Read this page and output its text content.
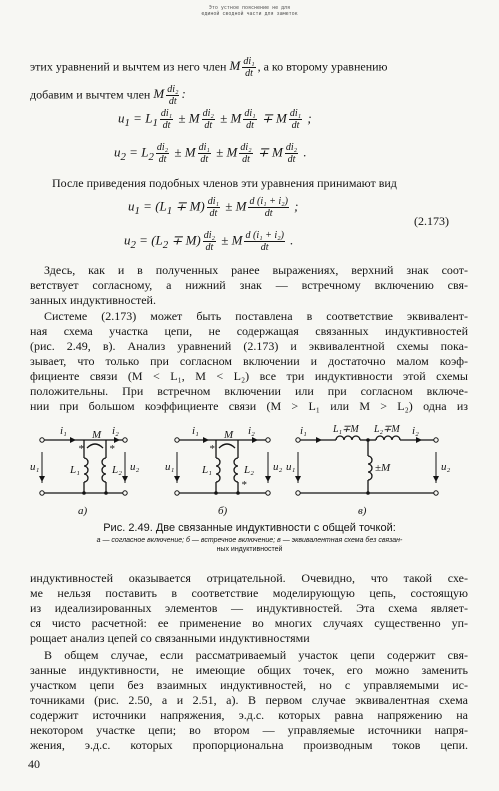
Это устное пояснение не для
единой сводной части для заметок
этих уравнений и вычтем из него член M $\frac{\text{di₁}}{dt}$ , а ко второму уравнению
добавим и вычтем член M $\frac{\text{di₂}}{dt}$ :
$u_1 = L_1 \frac{\text{di₁}}{dt} \pm M \frac{\text{di₂}}{dt} \pm M \frac{\text{di₁}}{dt} \mp M \frac{\text{di₁}}{dt}$ ;
$u_2 = L_2 \frac{\text{di₂}}{dt} \pm M \frac{\text{di₁}}{dt} \pm M \frac{\text{di₂}}{dt} \mp M \frac{\text{di₂}}{dt}$ .
После приведения подобных членов эти уравнения принимают вид
$u_1 = (L_1 \mp M) \frac{\text{di₁}}{dt} \pm M \frac{\text{d (i₁ + i₂)}}{dt}$ ;
$u_2 = (L_2 \mp M) \frac{\text{di₂}}{dt} \pm M \frac{\text{d (i₁ + i₂)}}{dt}$ .
(2.173)
Здесь, как и в полученных ранее выражениях, верхний знак соот-
ветствует согласному, а нижний знак — встречному включению свя-
занных индуктивностей.
Системе (2.173) может быть поставлена в соответствие эквивалент-
ная схема участка цепи, не содержащая связанных индуктивностей
(рис. 2.49, в). Анализ уравнений (2.173) и эквивалентной схемы пока-
зывает, что только при согласном включении и достаточно малом коэф-
фициенте связи (M < L₁, M < L₂) все три индуктивности этой схемы
положительны. При встречном включении или при согласном включе-
нии при большом коэффициенте связи (M > L₁ или M > L₂) одна из
i₁	i₂
u₁	u₂
L₁	L₂
M
* *
а)
i₁	i₂
u₁	u₂
L₁	L₂
M
*
*
б)
i₁	i₂
u₁	u₂
L₁∓M L₂∓M
±M
в)
Рис. 2.49. Две связанные индуктивности с общей точкой:
а — согласное включение; б — встречное включение; в — эквивалентная схема без связан-
ных индуктивностей
индуктивностей оказывается отрицательной. Очевидно, что такой схе-
ме нельзя поставить в соответствие моделирующую цепь, состоящую
из идеализированных элементов — индуктивностей. Эта схема являет-
ся чисто расчетной: ее применение во многих случаях существенно уп-
рощает анализ цепей со связанными индуктивностями
В общем случае, если рассматриваемый участок цепи содержит свя-
занные индуктивности, не имеющие общих точек, его можно заменить
участком цепи без взаимных индуктивностей, но с управляемыми ис-
точниками (рис. 2.50, а и 2.51, а). В первом случае эквивалентная схема
содержит источники напряжения, э.д.с. которых равна напряжению на
некотором участке цепи; во втором — управляемые источники напря-
жения, э.д.с. которых пропорциональна производным токов цепи.
40
